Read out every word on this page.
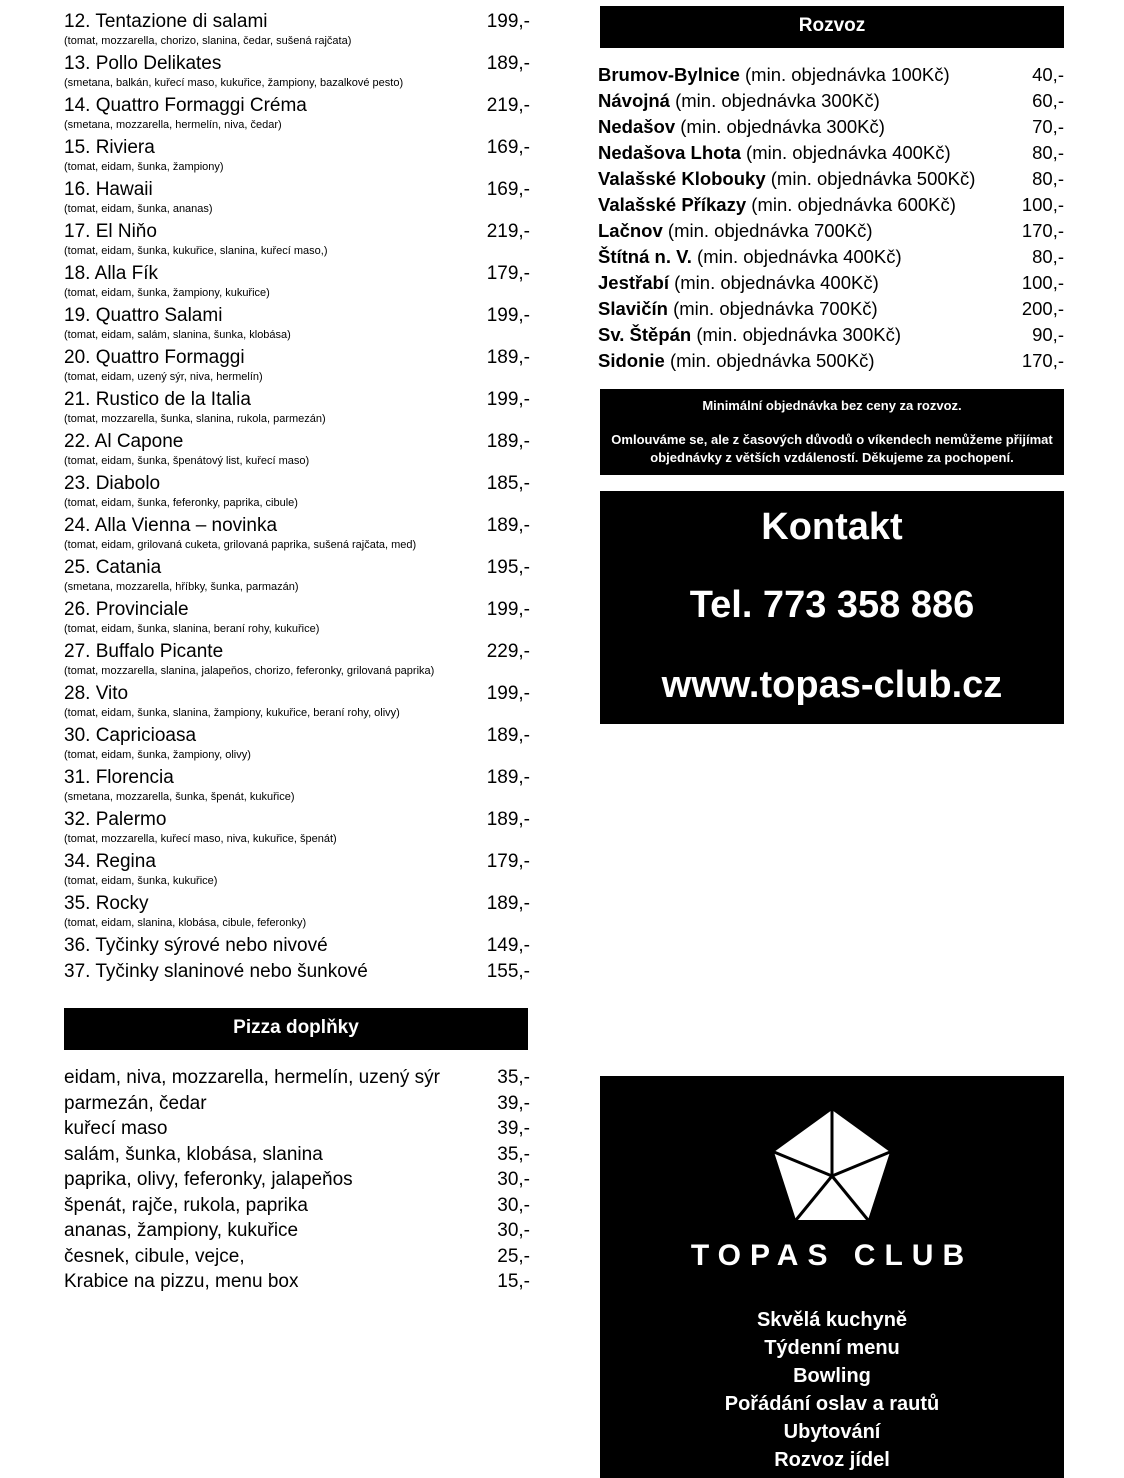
12. Tentazione di salami	199,-
(tomat, mozzarella, chorizo, slanina, čedar, sušená rajčata)
13. Pollo Delikates	189,-
(smetana, balkán, kuřecí maso, kukuřice, žampiony, bazalkové pesto)
14. Quattro Formaggi Créma	219,-
(smetana, mozzarella, hermelín, niva, čedar)
15. Riviera	169,-
(tomat, eidam, šunka, žampiony)
16. Hawaii	169,-
(tomat, eidam, šunka, ananas)
17. El Niňo	219,-
(tomat, eidam, šunka, kukuřice, slanina, kuřecí maso,)
18. Alla Fík	179,-
(tomat, eidam, šunka, žampiony, kukuřice)
19. Quattro Salami	199,-
(tomat, eidam, salám, slanina, šunka, klobása)
20. Quattro Formaggi	189,-
(tomat, eidam, uzený sýr, niva, hermelín)
21. Rustico de la Italia	199,-
(tomat, mozzarella, šunka, slanina, rukola, parmezán)
22. Al Capone	189,-
(tomat, eidam, šunka, špenátový list, kuřecí maso)
23. Diabolo	185,-
(tomat, eidam, šunka, feferonky, paprika, cibule)
24. Alla Vienna – novinka	189,-
(tomat, eidam, grilovaná cuketa, grilovaná paprika, sušená rajčata, med)
25. Catania	195,-
(smetana, mozzarella, hříbky, šunka, parmazán)
26. Provinciale	199,-
(tomat, eidam, šunka, slanina, beraní rohy, kukuřice)
27. Buffalo Picante	229,-
(tomat, mozzarella, slanina, jalapeňos, chorizo, feferonky, grilovaná paprika)
28. Vito	199,-
(tomat, eidam, šunka, slanina, žampiony, kukuřice, beraní rohy, olivy)
30. Capricioasa	189,-
(tomat, eidam, šunka, žampiony, olivy)
31. Florencia	189,-
(smetana, mozzarella, šunka, špenát, kukuřice)
32. Palermo	189,-
(tomat, mozzarella, kuřecí maso, niva, kukuřice, špenát)
34. Regina	179,-
(tomat, eidam, šunka, kukuřice)
35. Rocky	189,-
(tomat, eidam, slanina, klobása, cibule, feferonky)
36. Tyčinky sýrové nebo nivové	149,-
37. Tyčinky slaninové nebo šunkové	155,-
Pizza doplňky
eidam, niva, mozzarella, hermelín, uzený sýr	35,-
parmezán, čedar	39,-
kuřecí maso	39,-
salám, šunka, klobása, slanina	35,-
paprika, olivy, feferonky, jalapeňos	30,-
špenát, rajče, rukola, paprika	30,-
ananas, žampiony, kukuřice	30,-
česnek, cibule, vejce,	25,-
Krabice na pizzu, menu box	15,-
Rozvoz
Brumov-Bylnice (min. objednávka 100Kč)	40,-
Návojná (min. objednávka 300Kč)	60,-
Nedašov (min. objednávka 300Kč)	70,-
Nedašova Lhota (min. objednávka 400Kč)	80,-
Valašské Klobouky (min. objednávka 500Kč)	80,-
Valašské Příkazy (min. objednávka 600Kč)	100,-
Lačnov (min. objednávka 700Kč)	170,-
Štítná n. V. (min. objednávka 400Kč)	80,-
Jestřabí (min. objednávka 400Kč)	100,-
Slavičín (min. objednávka 700Kč)	200,-
Sv. Štěpán (min. objednávka 300Kč)	90,-
Sidonie (min. objednávka 500Kč)	170,-
Minimální objednávka bez ceny za rozvoz.
Omlouváme se, ale z časových důvodů o víkendech nemůžeme přijímat
objednávky z větších vzdáleností. Děkujeme za pochopení.
Kontakt
Tel. 773 358 886
www.topas-club.cz
TOPAS CLUB
Skvělá kuchyně
Týdenní menu
Bowling
Pořádání oslav a rautů
Ubytování
Rozvoz jídel
